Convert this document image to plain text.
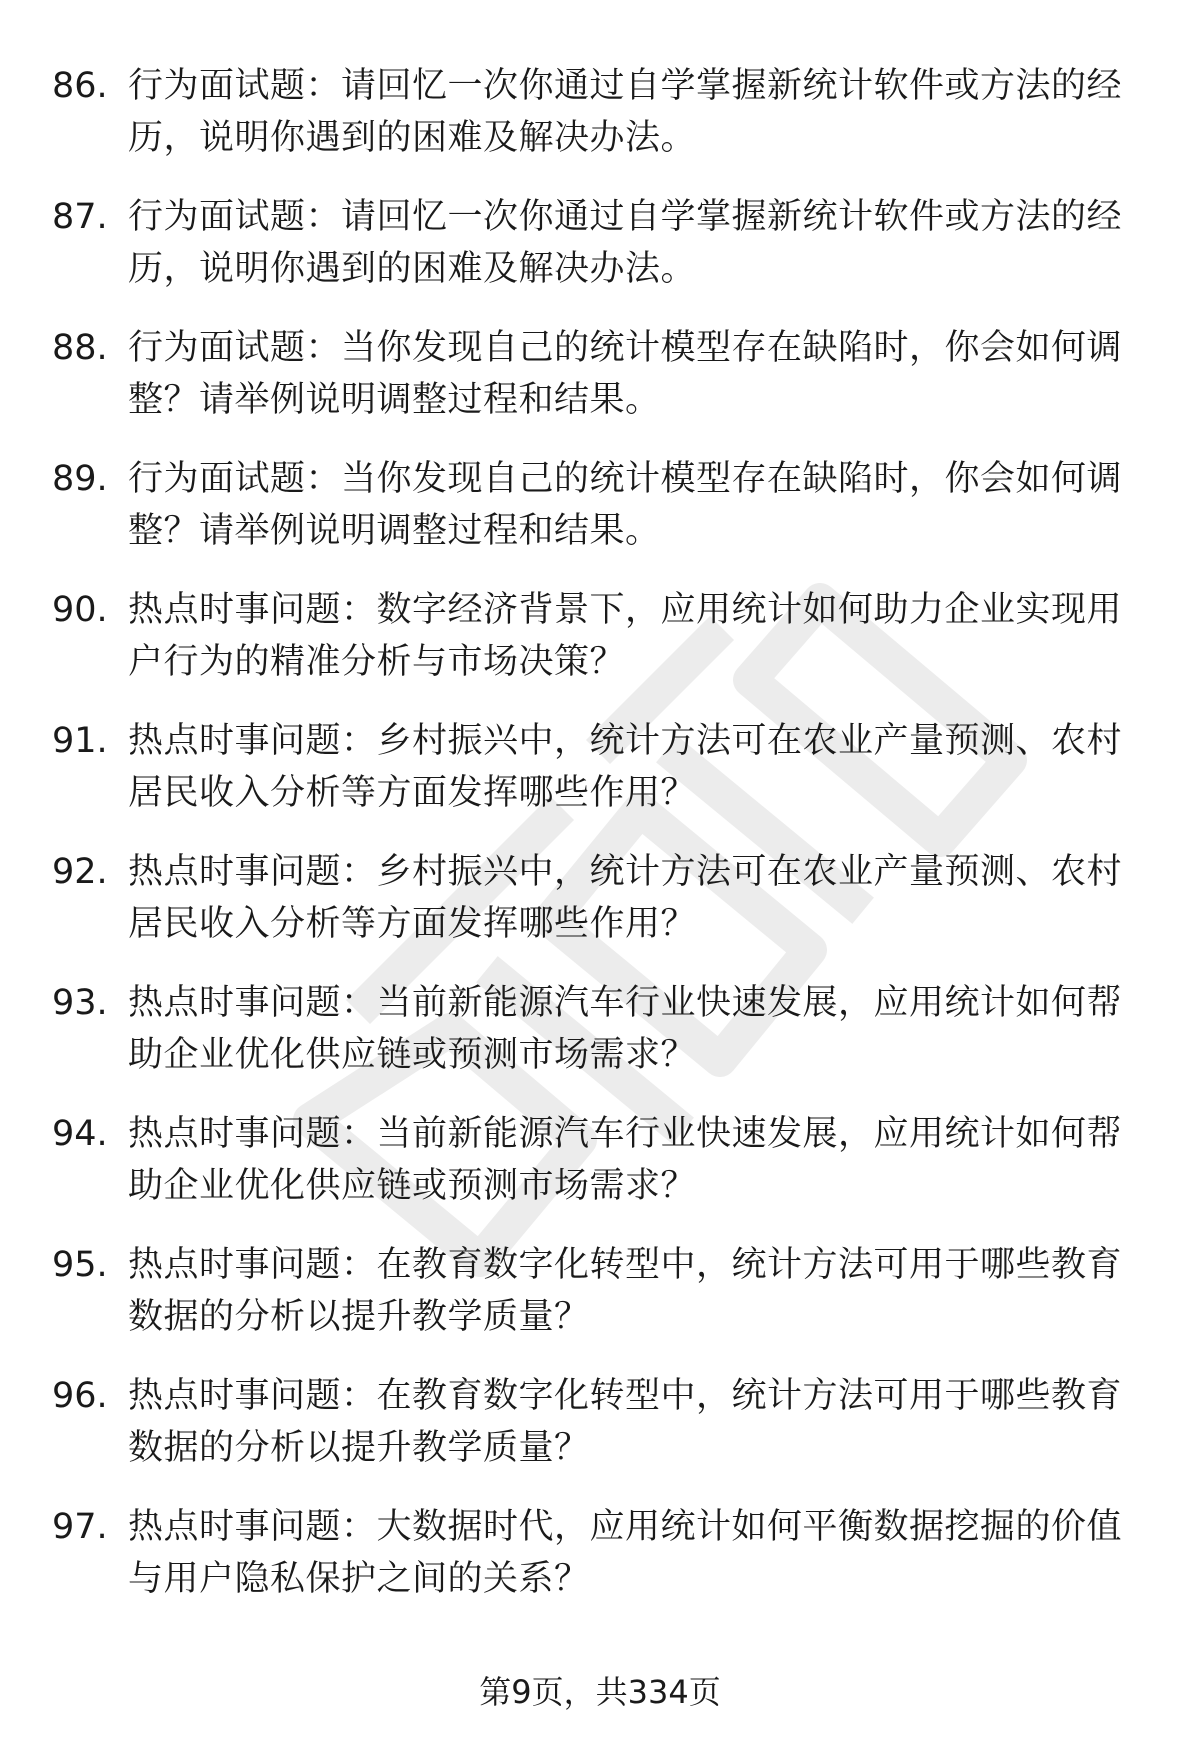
86. 行为面试题：请回忆一次你通过自学掌握新统计软件或方法的经历，说明你遇到的困难及解决办法。
87. 行为面试题：请回忆一次你通过自学掌握新统计软件或方法的经历，说明你遇到的困难及解决办法。
88. 行为面试题：当你发现自己的统计模型存在缺陷时，你会如何调整？请举例说明调整过程和结果。
89. 行为面试题：当你发现自己的统计模型存在缺陷时，你会如何调整？请举例说明调整过程和结果。
90. 热点时事问题：数字经济背景下，应用统计如何助力企业实现用户行为的精准分析与市场决策？
91. 热点时事问题：乡村振兴中，统计方法可在农业产量预测、农村居民收入分析等方面发挥哪些作用？
92. 热点时事问题：乡村振兴中，统计方法可在农业产量预测、农村居民收入分析等方面发挥哪些作用？
93. 热点时事问题：当前新能源汽车行业快速发展，应用统计如何帮助企业优化供应链或预测市场需求？
94. 热点时事问题：当前新能源汽车行业快速发展，应用统计如何帮助企业优化供应链或预测市场需求？
95. 热点时事问题：在教育数字化转型中，统计方法可用于哪些教育数据的分析以提升教学质量？
96. 热点时事问题：在教育数字化转型中，统计方法可用于哪些教育数据的分析以提升教学质量？
97. 热点时事问题：大数据时代，应用统计如何平衡数据挖掘的价值与用户隐私保护之间的关系？
第9页，共334页
